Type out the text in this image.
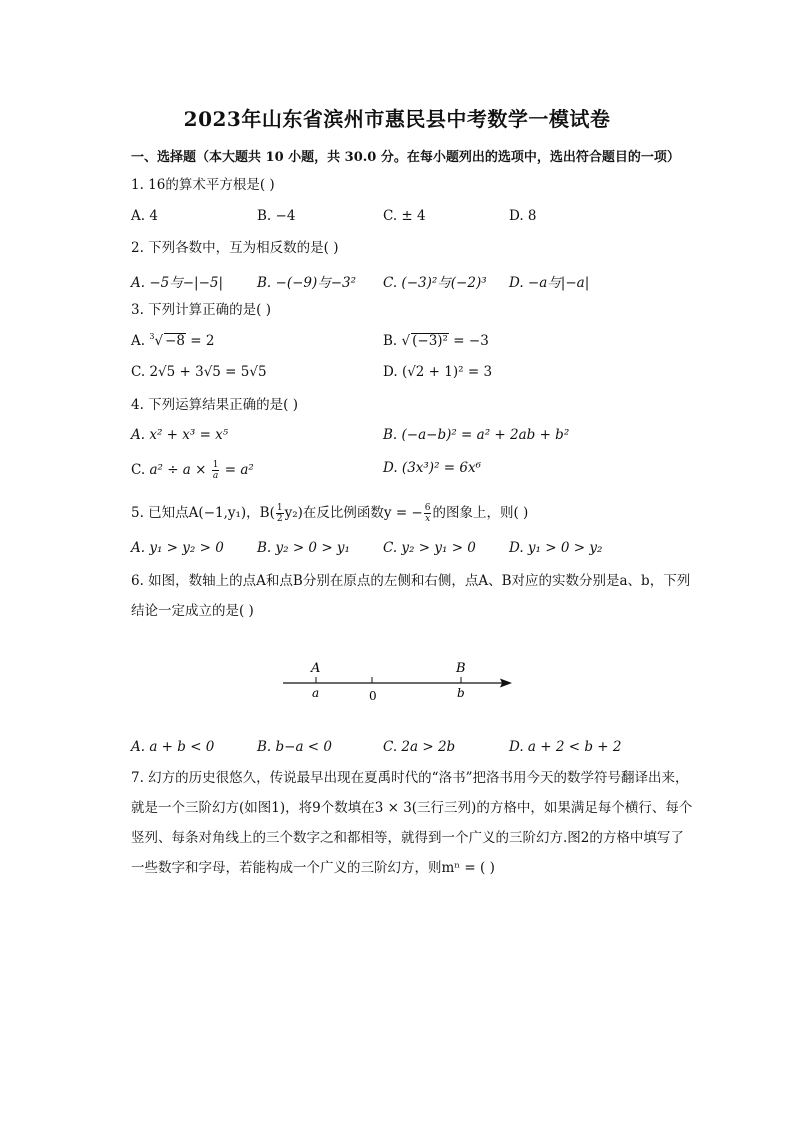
2023年山东省滨州市惠民县中考数学一模试卷
一、选择题（本大题共 10 小题，共 30.0 分。在每小题列出的选项中，选出符合题目的一项）
1. 16的算术平方根是( )
A. 4	B. −4	C. ± 4	D. 8
2. 下列各数中，互为相反数的是( )
A. −5与−|−5|	B. −(−9)与−3² C. (−3)²与(−2)³ D. −a与|−a|
3. 下列计算正确的是( )
A. $^3$√ −8 = 2	B. √ (−3)² = −3
C. 2√5 + 3√5 = 5√5	D. (√2 + 1)² = 3
4. 下列运算结果正确的是( )
A. x² + x³ = x⁵	B. (−a−b)² = a² + 2ab + b²
C. $a^2 \div a \times \frac{1}{a} = a^2$	D. (3x³)² = 6x⁶
5. 已知点A(−1,y₁)，$B( \frac{1}{2} y_2)$在反比例函数y = − $\frac{6}{x}$ 的图象上，则( )
A. y₁ > y₂ > 0 B. y₂ > 0 > y₁ C. y₂ > y₁ > 0 D. y₁ > 0 > y₂
6. 如图，数轴上的点A和点B分别在原点的左侧和右侧，点A、B对应的实数分别是a、b，下列结论一定成立的是( )
A
a	0
B
b
A. a + b < 0	B. b−a < 0	C. 2a > 2b	D. a + 2 < b + 2
7. 幻方的历史很悠久，传说最早出现在夏禹时代的“洛书”把洛书用今天的数学符号翻译出来，就是一个三阶幻方(如图1)，将9个数填在3 × 3(三行三列)的方格中，如果满足每个横行、每个竖列、每条对角线上的三个数字之和都相等，就得到一个广义的三阶幻方.图2的方格中填写了一些数字和字母，若能构成一个广义的三阶幻方，则mⁿ = ( )
